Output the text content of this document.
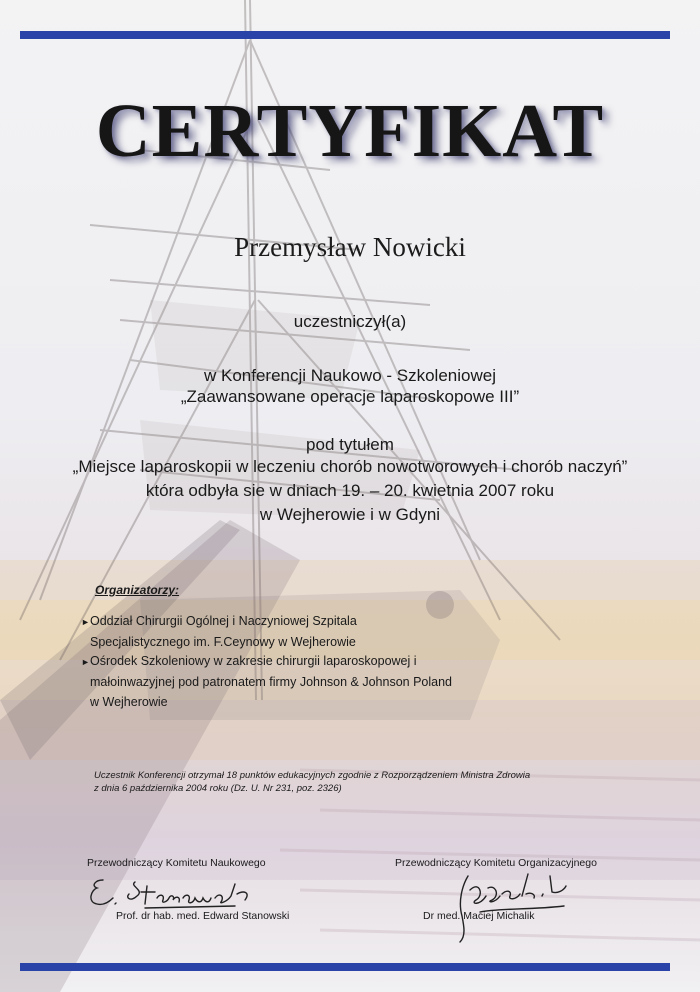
CERTYFIKAT
Przemysław Nowicki
uczestniczył(a)
w Konferencji Naukowo - Szkoleniowej
„Zaawansowane operacje laparoskopowe III”
pod tytułem
„Miejsce laparoskopii w leczeniu chorób nowotworowych i chorób naczyń”
która odbyła sie w dniach 19. – 20. kwietnia 2007 roku
w Wejherowie i w Gdyni
Organizatorzy:
►Oddział Chirurgii Ogólnej i Naczyniowej Szpitala
Specjalistycznego im. F.Ceynowy w Wejherowie
►Ośrodek Szkoleniowy w zakresie chirurgii laparoskopowej i
małoinwazyjnej pod patronatem firmy Johnson & Johnson Poland
w Wejherowie
Uczestnik Konferencji otrzymał 18 punktów edukacyjnych zgodnie z Rozporządzeniem Ministra Zdrowia
z dnia 6 października 2004 roku (Dz. U. Nr 231, poz. 2326)
Przewodniczący Komitetu Naukowego	Przewodniczący Komitetu Organizacyjnego
Prof. dr hab. med. Edward Stanowski	Dr med. Maciej Michalik
